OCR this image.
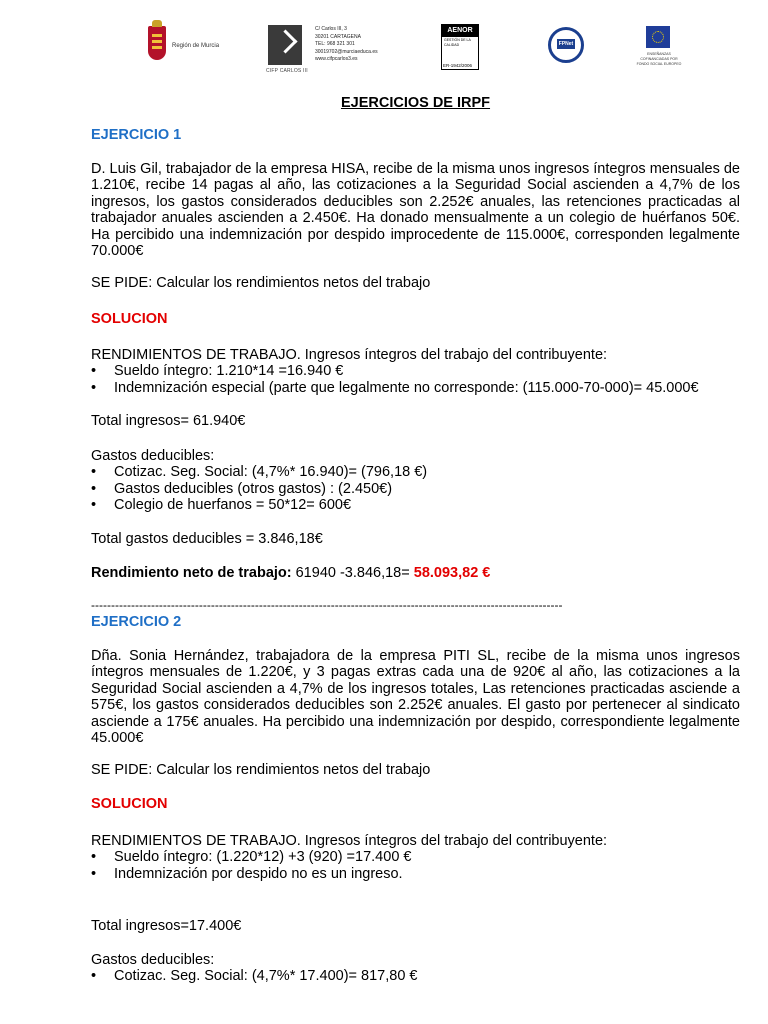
Región de Murcia
CIFP CARLOS III
C/ Carlos III, 3
30201 CARTAGENA
TEL: 968 321 301
30019702@murciaeduca.es
www.cifpcarlos3.es
AENOR
GESTIÓN DE LA CALIDAD
ER-1942/2006
FPNet
ENSEÑANZAS COFINANCIADAS POR FONDO SOCIAL EUROPEO
EJERCICIOS DE IRPF
EJERCICIO 1
D. Luis Gil, trabajador de la empresa HISA, recibe de la misma unos ingresos íntegros mensuales de 1.210€, recibe 14 pagas al año, las cotizaciones a la Seguridad Social ascienden a 4,7% de los ingresos, los gastos considerados deducibles son 2.252€ anuales, las retenciones practicadas al trabajador anuales ascienden a 2.450€. Ha donado mensualmente a un colegio de huérfanos 50€. Ha percibido una indemnización por despido improcedente de 115.000€, corresponden legalmente 70.000€
SE PIDE: Calcular los rendimientos netos del trabajo
SOLUCION
RENDIMIENTOS DE TRABAJO. Ingresos íntegros del trabajo del contribuyente:
• Sueldo íntegro: 1.210*14 =16.940 €
• Indemnización especial (parte que legalmente no corresponde: (115.000-70-000)= 45.000€
Total ingresos= 61.940€
Gastos deducibles:
• Cotizac. Seg. Social: (4,7%* 16.940)= (796,18 €)
• Gastos deducibles (otros gastos) : (2.450€)
• Colegio de huerfanos = 50*12= 600€
Total gastos deducibles = 3.846,18€
Rendimiento neto de trabajo: 61940 -3.846,18= 58.093,82 €
----------------------------------------------------------------------------------------------------------------------
EJERCICIO 2
Dña. Sonia Hernández, trabajadora de la empresa PITI SL, recibe de la misma unos ingresos íntegros mensuales de 1.220€, y 3 pagas extras cada una de 920€ al año, las cotizaciones a la Seguridad Social ascienden a 4,7% de los ingresos totales, Las retenciones practicadas asciende a 575€, los gastos considerados deducibles son 2.252€ anuales. El gasto por pertenecer al sindicato asciende a 175€ anuales. Ha percibido una indemnización por despido, correspondiente legalmente 45.000€
SE PIDE: Calcular los rendimientos netos del trabajo
SOLUCION
RENDIMIENTOS DE TRABAJO. Ingresos íntegros del trabajo del contribuyente:
• Sueldo íntegro: (1.220*12) +3 (920) =17.400 €
• Indemnización por despido no es un ingreso.
Total ingresos=17.400€
Gastos deducibles:
• Cotizac. Seg. Social: (4,7%* 17.400)= 817,80 €
